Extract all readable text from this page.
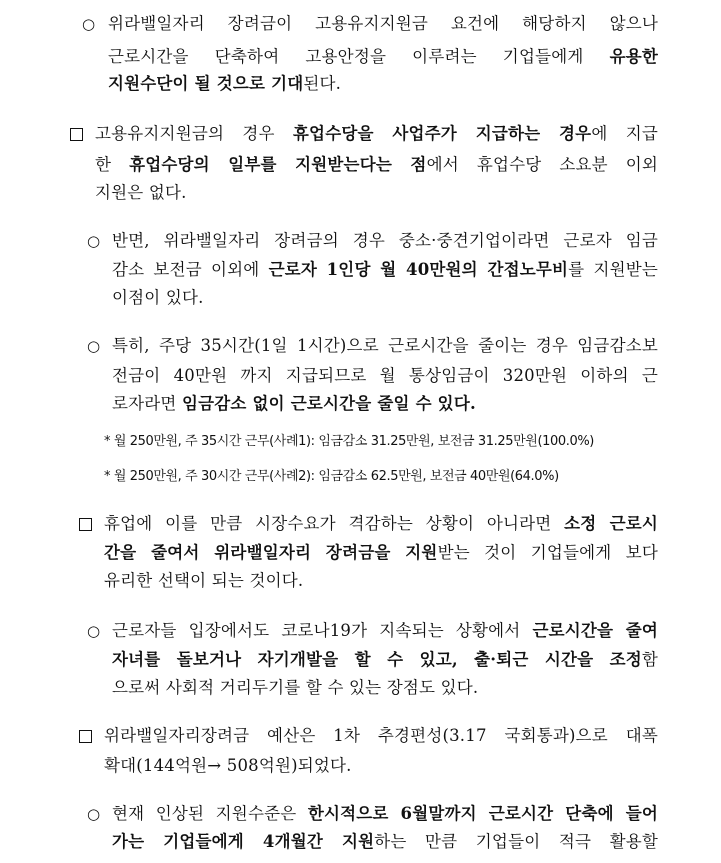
○ 위라밸일자리 장려금이 고용유지지원금 요건에 해당하지 않으나
근로시간을 단축하여 고용안정을 이루려는 기업들에게 유용한
지원수단이 될 것으로 기대된다.
고용유지지원금의 경우 휴업수당을 사업주가 지급하는 경우에 지급
한 휴업수당의 일부를 지원받는다는 점에서 휴업수당 소요분 이외
지원은 없다.
○ 반면, 위라밸일자리 장려금의 경우 중소·중견기업이라면 근로자 임금
감소 보전금 이외에 근로자 1인당 월 40만원의 간접노무비를 지원받는
이점이 있다.
○ 특히, 주당 35시간(1일 1시간)으로 근로시간을 줄이는 경우 임금감소보
전금이 40만원 까지 지급되므로 월 통상임금이 320만원 이하의 근
로자라면 임금감소 없이 근로시간을 줄일 수 있다.
* 월 250만원, 주 35시간 근무(사례1): 임금감소 31.25만원, 보전금 31.25만원(100.0%)
* 월 250만원, 주 30시간 근무(사례2): 임금감소 62.5만원, 보전금 40만원(64.0%)
휴업에 이를 만큼 시장수요가 격감하는 상황이 아니라면 소정 근로시
간을 줄여서 위라밸일자리 장려금을 지원받는 것이 기업들에게 보다
유리한 선택이 되는 것이다.
○ 근로자들 입장에서도 코로나19가 지속되는 상황에서 근로시간을 줄여
자녀를 돌보거나 자기개발을 할 수 있고, 출·퇴근 시간을 조정함
으로써 사회적 거리두기를 할 수 있는 장점도 있다.
위라밸일자리장려금 예산은 1차 추경편성(3.17 국회통과)으로 대폭
확대(144억원→ 508억원)되었다.
○ 현재 인상된 지원수준은 한시적으로 6월말까지 근로시간 단축에 들어
가는 기업들에게 4개월간 지원하는 만큼 기업들이 적극 활용할
